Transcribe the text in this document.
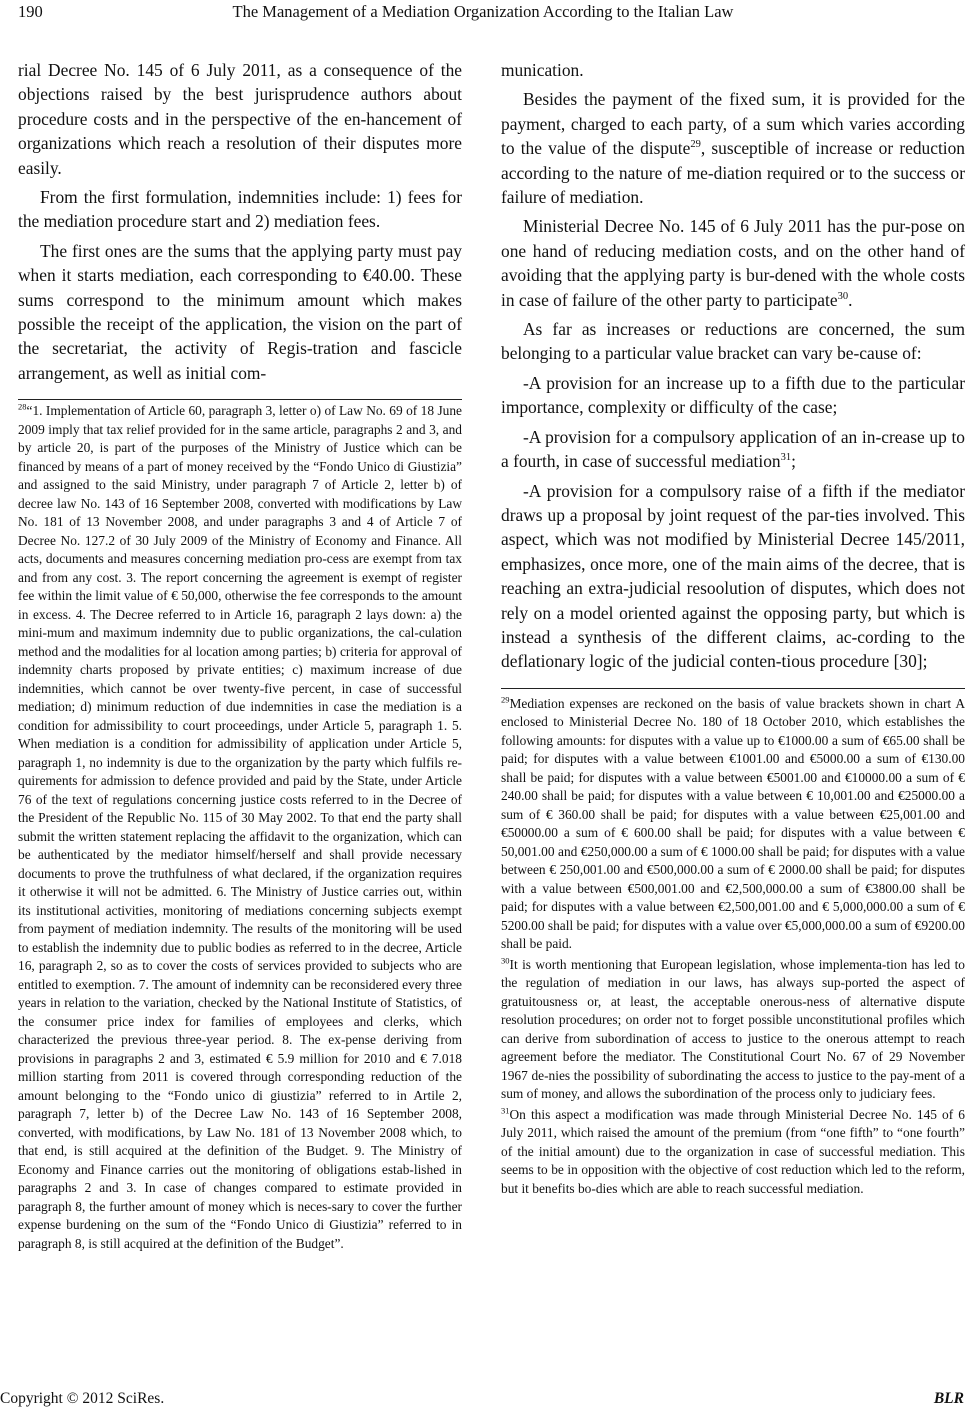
190	The Management of a Mediation Organization According to the Italian Law

rial Decree No. 145 of 6 July 2011, as a consequence of the objections raised by the best jurisprudence authors about procedure costs and in the perspective of the en-hancement of organizations which reach a resolution of their disputes more easily.

From the first formulation, indemnities include: 1) fees for the mediation procedure start and 2) mediation fees.

The first ones are the sums that the applying party must pay when it starts mediation, each corresponding to €40.00. These sums correspond to the minimum amount which makes possible the receipt of the application, the vision on the part of the secretariat, the activity of Regis-tration and fascicle arrangement, as well as initial com-

$^{28}$“1. Implementation of Article 60, paragraph 3, letter o) of Law No. 69 of 18 June 2009 imply that tax relief provided for in the same article, paragraphs 2 and 3, and by article 20, is part of the purposes of the Ministry of Justice which can be financed by means of a part of money received by the “Fondo Unico di Giustizia” and assigned to the said Ministry, under paragraph 7 of Article 2, letter b) of decree law No. 143 of 16 September 2008, converted with modifications by Law No. 181 of 13 November 2008, and under paragraphs 3 and 4 of Article 7 of Decree No. 127.2 of 30 July 2009 of the Ministry of Economy and Finance. All acts, documents and measures concerning mediation pro-cess are exempt from tax and from any cost. 3. The report concerning the agreement is exempt of register fee within the limit value of € 50,000, otherwise the fee corresponds to the amount in excess. 4. The Decree referred to in Article 16, paragraph 2 lays down: a) the mini-mum and maximum indemnity due to public organizations, the cal-culation method and the modalities for al location among parties; b) criteria for approval of indemnity charts proposed by private entities; c) maximum increase of due indemnities, which cannot be over twenty-five percent, in case of successful mediation; d) minimum reduction of due indemnities in case the mediation is a condition for admissibility to court proceedings, under Article 5, paragraph 1. 5. When mediation is a condition for admissibility of application under Article 5, paragraph 1, no indemnity is due to the organization by the party which fulfils re-quirements for admission to defence provided and paid by the State, under Article 76 of the text of regulations concerning justice costs referred to in the Decree of the President of the Republic No. 115 of 30 May 2002. To that end the party shall submit the written statement replacing the affidavit to the organization, which can be authenticated by the mediator himself/herself and shall provide necessary documents to prove the truthfulness of what declared, if the organization requires it otherwise it will not be admitted. 6. The Ministry of Justice carries out, within its institutional activities, monitoring of mediations concerning subjects exempt from payment of mediation indemnity. The results of the monitoring will be used to establish the indemnity due to public bodies as referred to in the decree, Article 16, paragraph 2, so as to cover the costs of services provided to subjects who are entitled to exemption. 7. The amount of indemnity can be reconsidered every three years in relation to the variation, checked by the National Institute of Statistics, of the consumer price index for families of employees and clerks, which characterized the previous three-year period. 8. The ex-pense deriving from provisions in paragraphs 2 and 3, estimated € 5.9 million for 2010 and € 7.018 million starting from 2011 is covered through corresponding reduction of the amount belonging to the “Fondo unico di giustizia” referred to in Artile 2, paragraph 7, letter b) of the Decree Law No. 143 of 16 September 2008, converted, with modifications, by Law No. 181 of 13 November 2008 which, to that end, is still acquired at the definition of the Budget. 9. The Ministry of Economy and Finance carries out the monitoring of obligations estab-lished in paragraphs 2 and 3. In case of changes compared to estimate provided in paragraph 8, the further amount of money which is neces-sary to cover the further expense burdening on the sum of the “Fondo Unico di Giustizia” referred to in paragraph 8, is still acquired at the definition of the Budget”.

munication.

Besides the payment of the fixed sum, it is provided for the payment, charged to each party, of a sum which varies according to the value of the dispute$^{29}$, susceptible of increase or reduction according to the nature of me-diation required or to the success or failure of mediation.

Ministerial Decree No. 145 of 6 July 2011 has the pur-pose on one hand of reducing mediation costs, and on the other hand of avoiding that the applying party is bur-dened with the whole costs in case of failure of the other party to participate$^{30}$.

As far as increases or reductions are concerned, the sum belonging to a particular value bracket can vary be-cause of:

-A provision for an increase up to a fifth due to the particular importance, complexity or difficulty of the case;

-A provision for a compulsory application of an in-crease up to a fourth, in case of successful mediation$^{31}$;

-A provision for a compulsory raise of a fifth if the mediator draws up a proposal by joint request of the par-ties involved. This aspect, which was not modified by Ministerial Decree 145/2011, emphasizes, once more, one of the main aims of the decree, that is reaching an extra-judicial resoolution of disputes, which does not rely on a model oriented against the opposing party, but which is instead a synthesis of the different claims, ac-cording to the deflationary logic of the judicial conten-tious procedure [30];

$^{29}$Mediation expenses are reckoned on the basis of value brackets shown in chart A enclosed to Ministerial Decree No. 180 of 18 October 2010, which establishes the following amounts: for disputes with a value up to €1000.00 a sum of €65.00 shall be paid; for disputes with a value between €1001.00 and €5000.00 a sum of €130.00 shall be paid; for disputes with a value between €5001.00 and €10000.00 a sum of € 240.00 shall be paid; for disputes with a value between € 10,001.00 and €25000.00 a sum of € 360.00 shall be paid; for disputes with a value between €25,001.00 and €50000.00 a sum of € 600.00 shall be paid; for disputes with a value between € 50,001.00 and €250,000.00 a sum of € 1000.00 shall be paid; for disputes with a value between € 250,001.00 and €500,000.00 a sum of € 2000.00 shall be paid; for disputes with a value between €500,001.00 and €2,500,000.00 a sum of €3800.00 shall be paid; for disputes with a value between €2,500,001.00 and € 5,000,000.00 a sum of € 5200.00 shall be paid; for disputes with a value over €5,000,000.00 a sum of €9200.00 shall be paid.

$^{30}$It is worth mentioning that European legislation, whose implementa-tion has led to the regulation of mediation in our laws, has always sup-ported the aspect of gratuitousness or, at least, the acceptable onerous-ness of alternative dispute resolution procedures; on order not to forget possible unconstitutional profiles which can derive from subordination of access to justice to the onerous attempt to reach agreement before the mediator. The Constitutional Court No. 67 of 29 November 1967 de-nies the possibility of subordinating the access to justice to the pay-ment of a sum of money, and allows the subordination of the process only to judiciary fees.

$^{31}$On this aspect a modification was made through Ministerial Decree No. 145 of 6 July 2011, which raised the amount of the premium (from “one fifth” to “one fourth” of the initial amount) due to the organization in case of successful mediation. This seems to be in opposition with the objective of cost reduction which led to the reform, but it benefits bo-dies which are able to reach successful mediation.

Copyright © 2012 SciRes.	BLR
